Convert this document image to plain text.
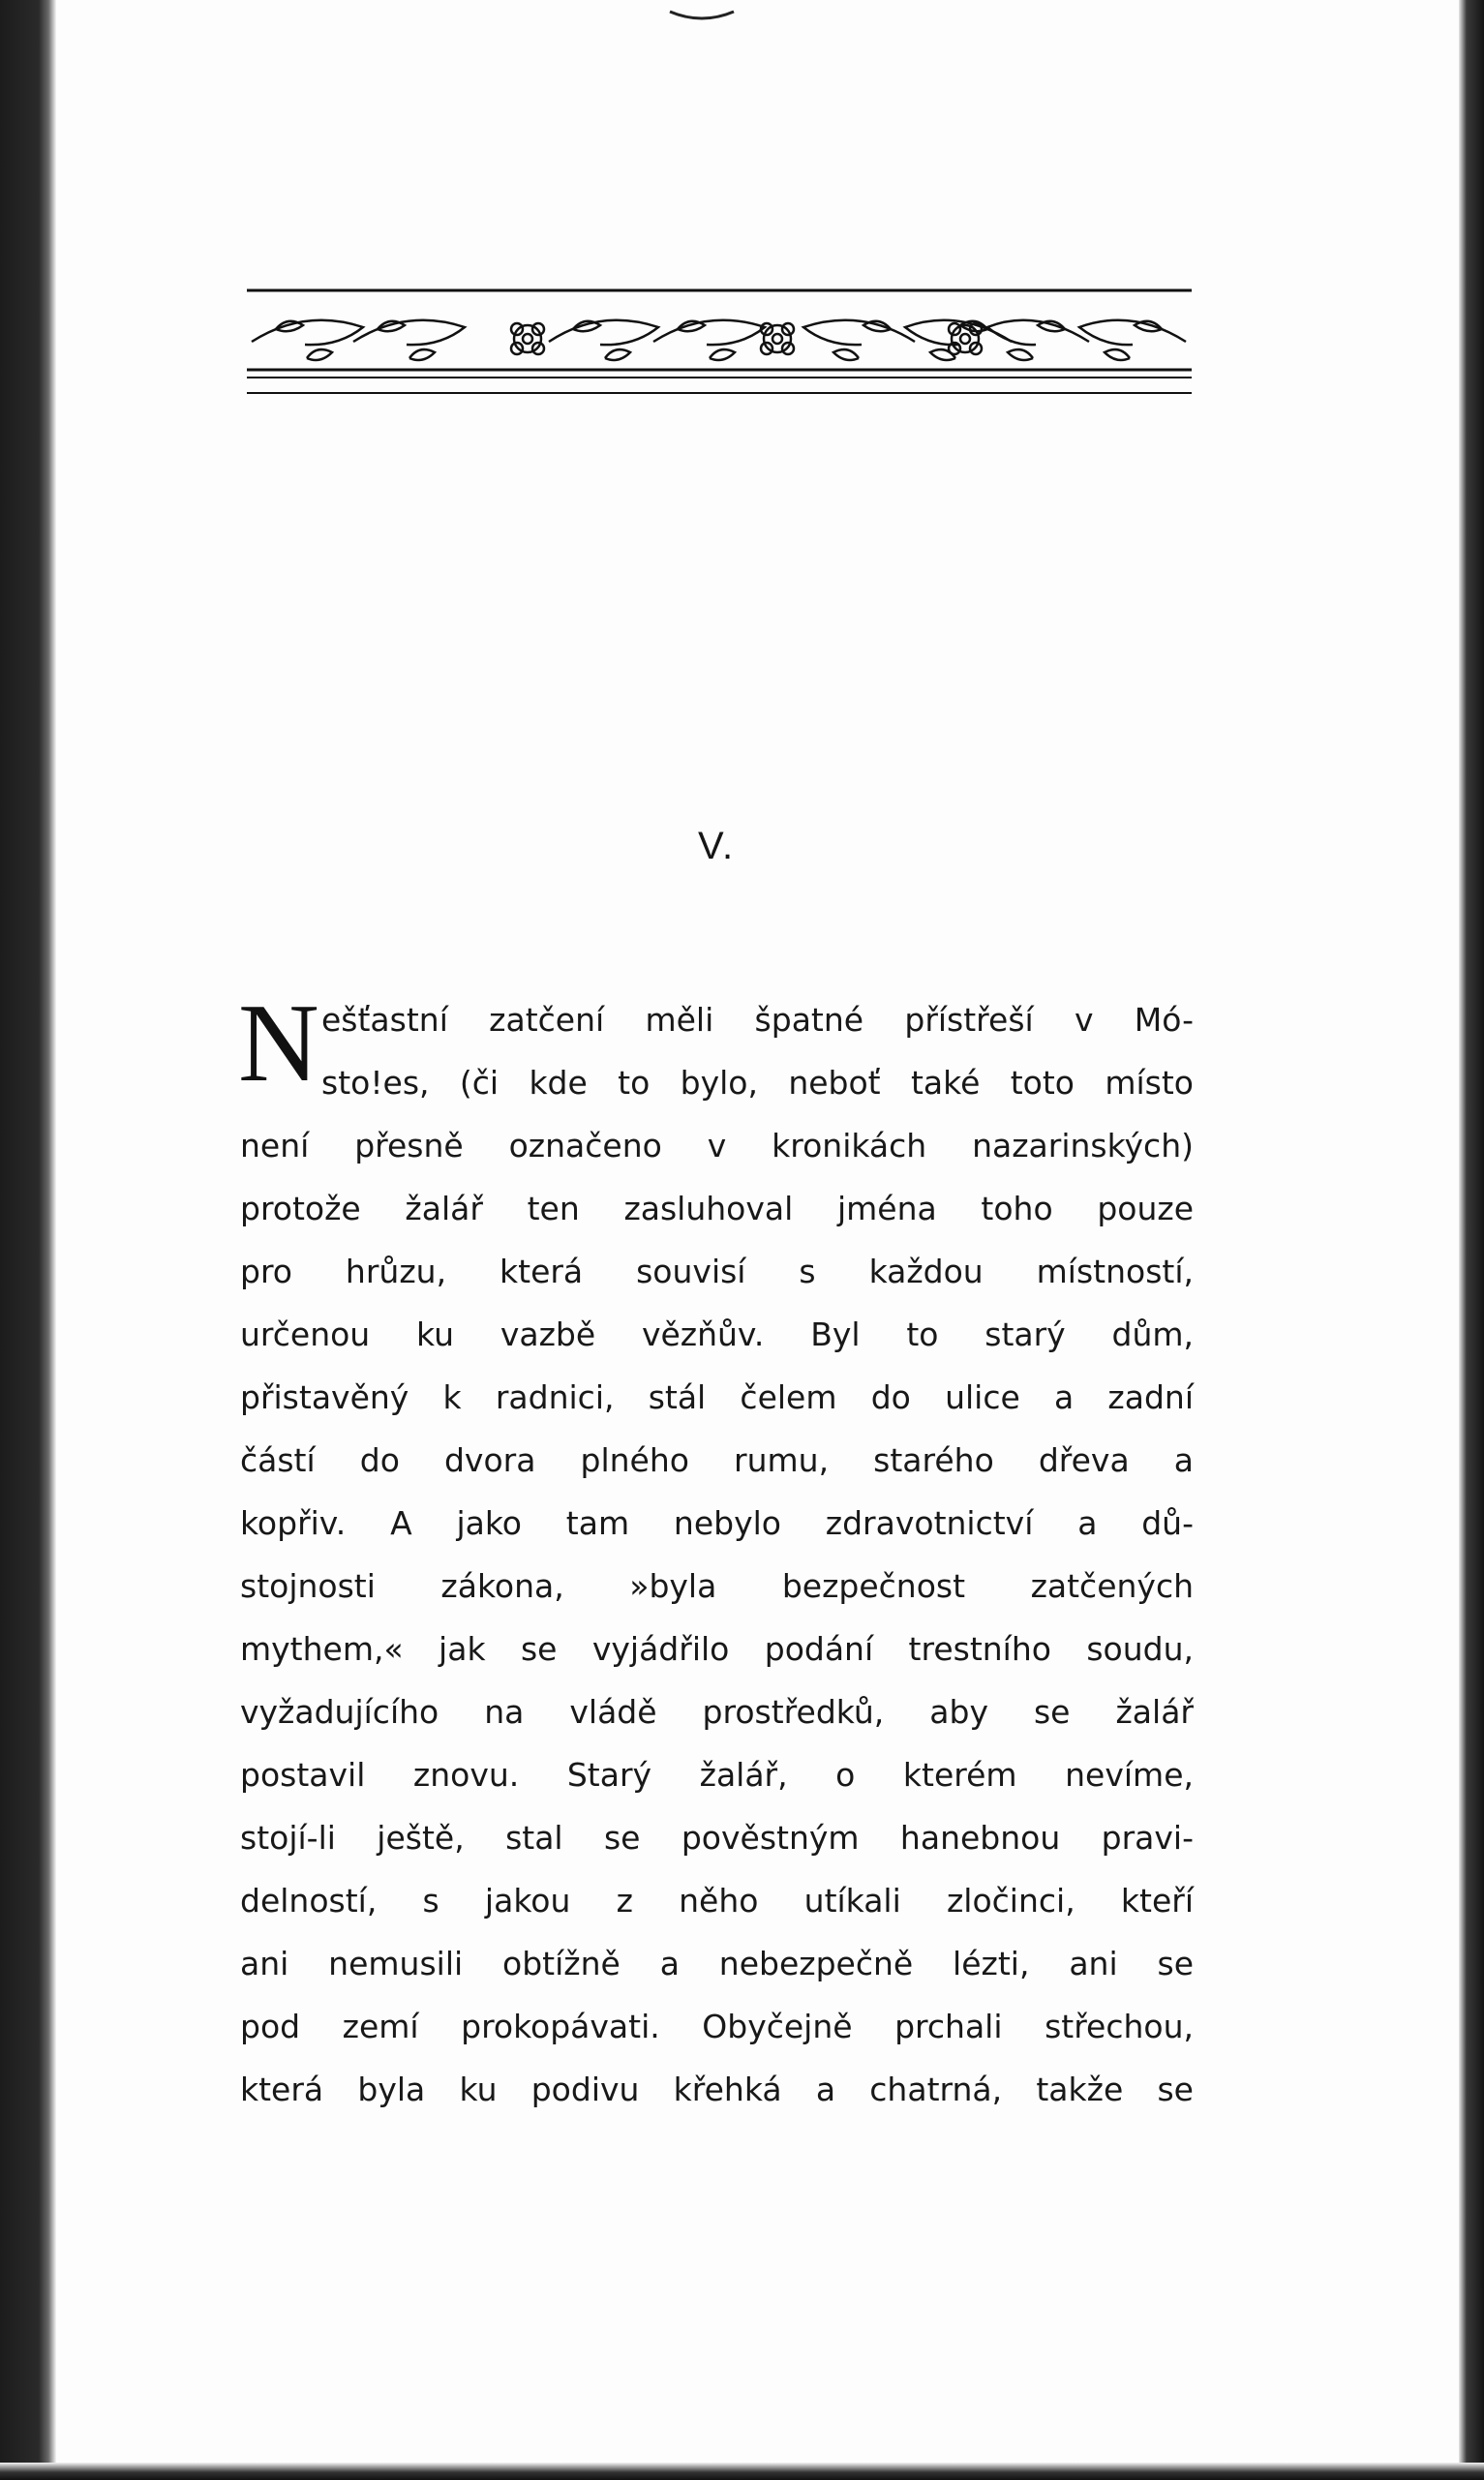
V.
N ešťastní zatčení měli špatné přístřeší v Mó-
sto!es, (či kde to bylo, neboť také toto místo
není přesně označeno v kronikách nazarinských)
protože žalář ten zasluhoval jména toho pouze
pro hrůzu, která souvisí s každou místností,
určenou ku vazbě vězňův. Byl to starý dům,
přistavěný k radnici, stál čelem do ulice a zadní
částí do dvora plného rumu, starého dřeva a
kopřiv. A jako tam nebylo zdravotnictví a dů-
stojnosti zákona, »byla bezpečnost zatčených
mythem,« jak se vyjádřilo podání trestního soudu,
vyžadujícího na vládě prostředků, aby se žalář
postavil znovu. Starý žalář, o kterém nevíme,
stojí-li ještě, stal se pověstným hanebnou pravi-
delností, s jakou z něho utíkali zločinci, kteří
ani nemusili obtížně a nebezpečně lézti, ani se
pod zemí prokopávati. Obyčejně prchali střechou,
která byla ku podivu křehká a chatrná, takže se
